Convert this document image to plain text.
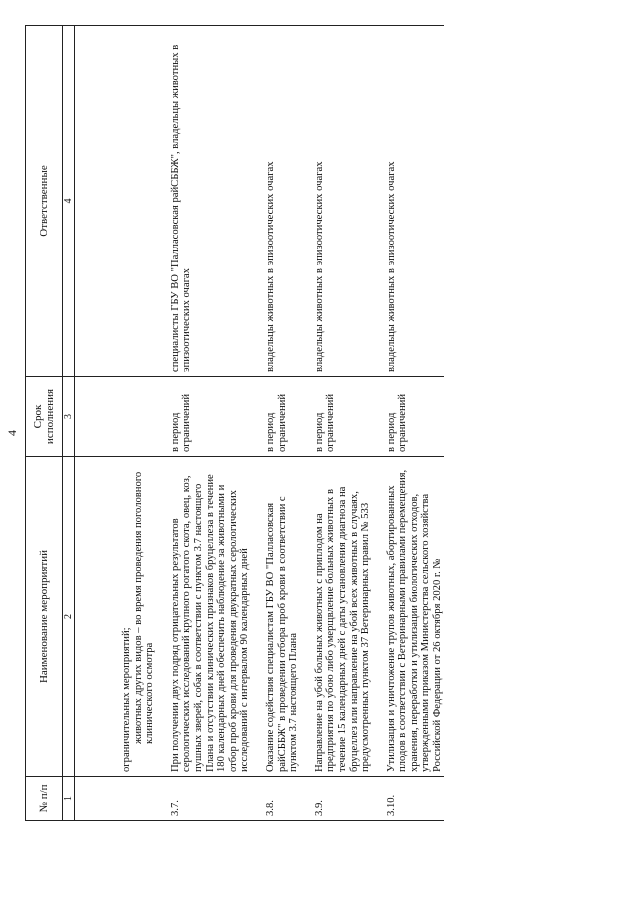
4
№ п/п	Наименование мероприятий	Срок исполнения	Ответственные
1	2	3	4

ограничительных мероприятий; животных других видов – во время проведения поголовного клинического осмотра		

3.7.	При получении двух подряд отрицательных результатов серологических исследований крупного рогатого скота, овец, коз, пушных зверей, собак в соответствии с пунктом 3.7 настоящего Плана и отсутствии клинических признаков бруцеллеза в течение 180 календарных дней обеспечить наблюдение за животными и отбор проб крови для проведения двукратных серологических исследований с интервалом 90 календарных дней	в период ограничений	специалисты ГБУ ВО "Палласовская райСББЖ", владельцы животных в эпизоотических очагах

3.8.	Оказание содействия специалистам ГБУ ВО "Палласовская райСББЖ" в проведении отбора проб крови в соответствии с пунктом 3.7 настоящего Плана	в период ограничений	владельцы животных в эпизоотических очагах

3.9.	Направление на убой больных животных с приплодом на предприятия по убою либо умерщвление больных животных в течение 15 календарных дней с даты установления диагноза на бруцеллез или направление на убой всех животных в случаях, предусмотренных пунктом 37 Ветеринарных правил № 533	в период ограничений	владельцы животных в эпизоотических очагах

3.10.	Утилизация и уничтожение трупов животных, абортированных плодов в соответствии с Ветеринарными правилами перемещения, хранения, переработки и утилизации биологических отходов, утвержденными приказом Министерства сельского хозяйства Российской Федерации от 26 октября 2020 г. №	в период ограничений	владельцы животных в эпизоотических очагах
